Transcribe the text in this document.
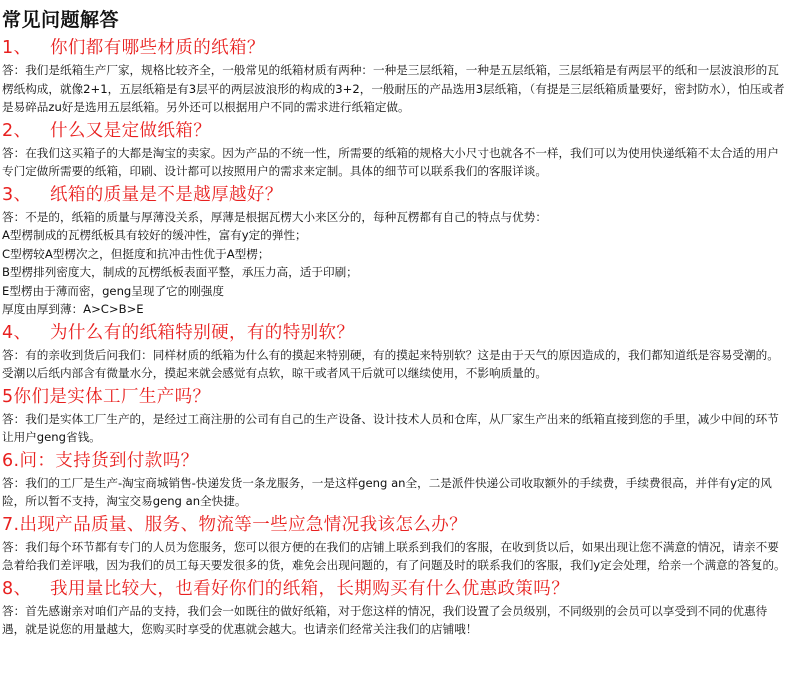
常见问题解答
1、 你们都有哪些材质的纸箱？

答：我们是纸箱生产厂家，规格比较齐全，一般常见的纸箱材质有两种：一种是三层纸箱，一种是五层纸箱，三层纸箱是有两层平的纸和一层波浪形的瓦楞纸构成，就像2+1，五层纸箱是有3层平的两层波浪形的构成的3+2，一般耐压的产品选用3层纸箱，（有提是三层纸箱质量要好，密封防水），怕压或者是易碎品zu好是选用五层纸箱。另外还可以根据用户不同的需求进行纸箱定做。

2、 什么又是定做纸箱？

答：在我们这买箱子的大都是淘宝的卖家。因为产品的不统一性，所需要的纸箱的规格大小尺寸也就各不一样，我们可以为使用快递纸箱不太合适的用户专门定做所需要的纸箱，印刷、设计都可以按照用户的需求来定制。具体的细节可以联系我们的客服详谈。

3、 纸箱的质量是不是越厚越好？

答：不是的，纸箱的质量与厚薄没关系，厚薄是根据瓦楞大小来区分的，每种瓦楞都有自己的特点与优势：

A型楞制成的瓦楞纸板具有较好的缓冲性，富有y定的弹性；

C型楞较A型楞次之，但挺度和抗冲击性优于A型楞；

B型楞排列密度大，制成的瓦楞纸板表面平整，承压力高，适于印刷；

E型楞由于薄而密，geng呈现了它的刚强度

厚度由厚到薄：A>C>B>E

4、 为什么有的纸箱特别硬，有的特别软？

答：有的亲收到货后问我们：同样材质的纸箱为什么有的摸起来特别硬，有的摸起来特别软？这是由于天气的原因造成的，我们都知道纸是容易受潮的。受潮以后纸内部含有微量水分，摸起来就会感觉有点软，晾干或者风干后就可以继续使用，不影响质量的。

5你们是实体工厂生产吗？

答：我们是实体工厂生产的，是经过工商注册的公司有自己的生产设备、设计技术人员和仓库，从厂家生产出来的纸箱直接到您的手里，减少中间的环节让用户geng省钱。

6.问：支持货到付款吗？

答：我们的工厂是生产-淘宝商城销售-快递发货一条龙服务，一是这样geng an全，二是派件快递公司收取额外的手续费，手续费很高，并伴有y定的风险，所以暂不支持，淘宝交易geng an全快捷。

7.出现产品质量、服务、物流等一些应急情况我该怎么办？

答：我们每个环节都有专门的人员为您服务，您可以很方便的在我们的店铺上联系到我们的客服，在收到货以后，如果出现让您不满意的情况，请亲不要急着给我们差评哦，因为我们的员工每天要发很多的货，难免会出现问题的，有了问题及时的联系我们的客服，我们y定会处理，给亲一个满意的答复的。

8、 我用量比较大，也看好你们的纸箱，长期购买有什么优惠政策吗？

答：首先感谢亲对咱们产品的支持，我们会一如既往的做好纸箱，对于您这样的情况，我们设置了会员级别，不同级别的会员可以享受到不同的优惠待遇，就是说您的用量越大，您购买时享受的优惠就会越大。也请亲们经常关注我们的店铺哦！
